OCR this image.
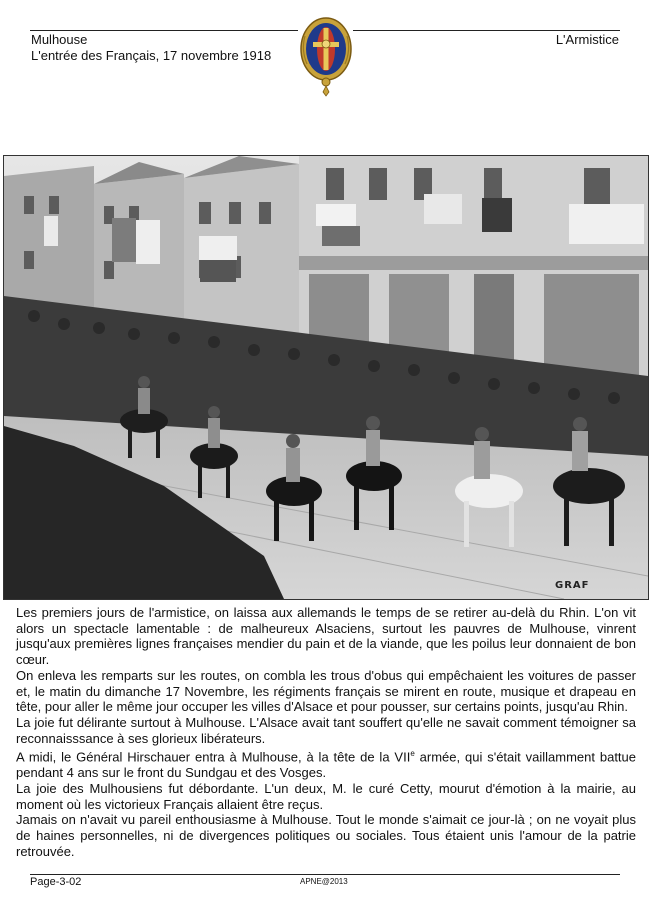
Mulhouse
L'entrée des Français, 17 novembre 1918
L'Armistice
GRAF

Les premiers jours de l'armistice, on laissa aux allemands le temps de se retirer au-delà du Rhin. L'on vit alors un spectacle lamentable : de malheureux Alsaciens, surtout les pauvres de Mulhouse, vinrent jusqu'aux premières lignes françaises mendier du pain et de la viande, que les poilus leur donnaient de bon cœur.

On enleva les remparts sur les routes, on combla les trous d'obus qui empêchaient les voitures de passer et, le matin du dimanche 17 Novembre, les régiments français se mirent en route, musique et drapeau en tête, pour aller le même jour occuper les villes d'Alsace et pour pousser, sur certains points, jusqu'au Rhin.

La joie fut délirante surtout à Mulhouse. L'Alsace avait tant souffert qu'elle ne savait comment témoigner sa reconnaisssance à ses glorieux libérateurs.

A midi, le Général Hirschauer entra à Mulhouse, à la tête de la VIIe armée, qui s'était vaillamment battue pendant 4 ans sur le front du Sundgau et des Vosges.

La joie des Mulhousiens fut débordante. L'un deux, M. le curé Cetty, mourut d'émotion à la mairie, au moment où les victorieux Français allaient être reçus.

Jamais on n'avait vu pareil enthousiasme à Mulhouse. Tout le monde s'aimait ce jour-là ; on ne voyait plus de haines personnelles, ni de divergences politiques ou sociales. Tous étaient unis l'amour de la patrie retrouvée.

Page-3-02	APNE@2013
